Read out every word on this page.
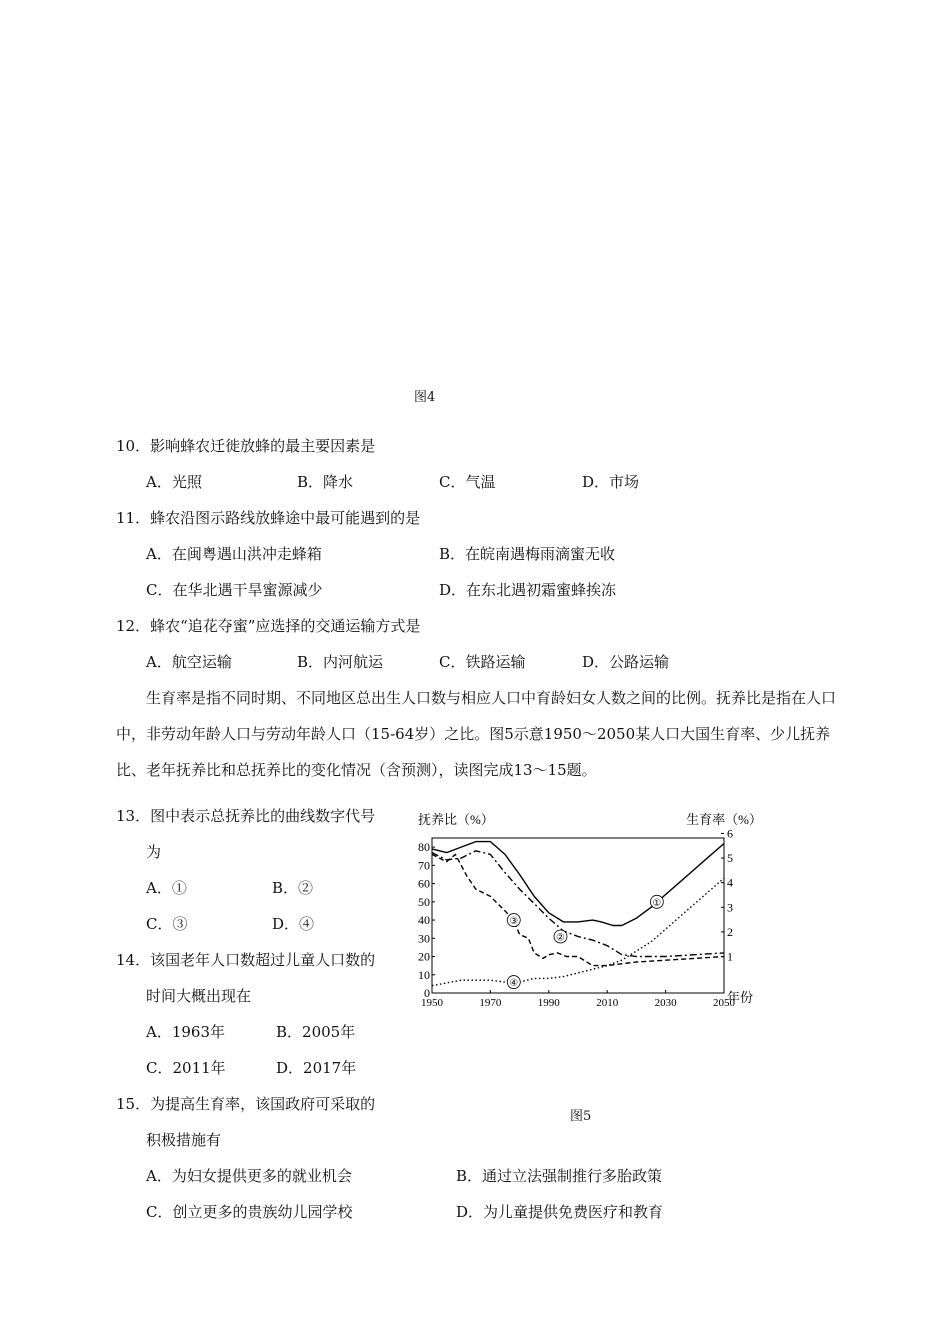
图4
10．影响蜂农迁徙放蜂的最主要因素是
A．光照	B．降水	C．气温	D．市场
11．蜂农沿图示路线放蜂途中最可能遇到的是
A．在闽粤遇山洪冲走蜂箱	B．在皖南遇梅雨滴蜜无收
C．在华北遇干旱蜜源减少	D．在东北遇初霜蜜蜂挨冻
12．蜂农“追花夺蜜”应选择的交通运输方式是
A．航空运输	B．内河航运	C．铁路运输	D．公路运输
生育率是指不同时期、不同地区总出生人口数与相应人口中育龄妇女人数之间的比例。抚养比是指在人口中，非劳动年龄人口与劳动年龄人口（15-64岁）之比。图5示意1950～2050某人口大国生育率、少儿抚养比、老年抚养比和总抚养比的变化情况（含预测），读图完成13～15题。
13．图中表示总抚养比的曲线数字代号
为
A．①	B．②
C．③	D．④
14．该国老年人口数超过儿童人口数的
时间大概出现在
A．1963年	B．2005年
C．2011年	D．2017年
15．为提高生育率，该国政府可采取的
积极措施有
A．为妇女提供更多的就业机会	B．通过立法强制推行多胎政策
C．创立更多的贵族幼儿园学校	D．为儿童提供免费医疗和教育
抚养比（%）	生育率（%）
年份
0
10
20
30
40
50
60
70
80
1
2
3
4
5
6
1950	1970	1990	2010	2030	2050
①
②
③
④
图5
